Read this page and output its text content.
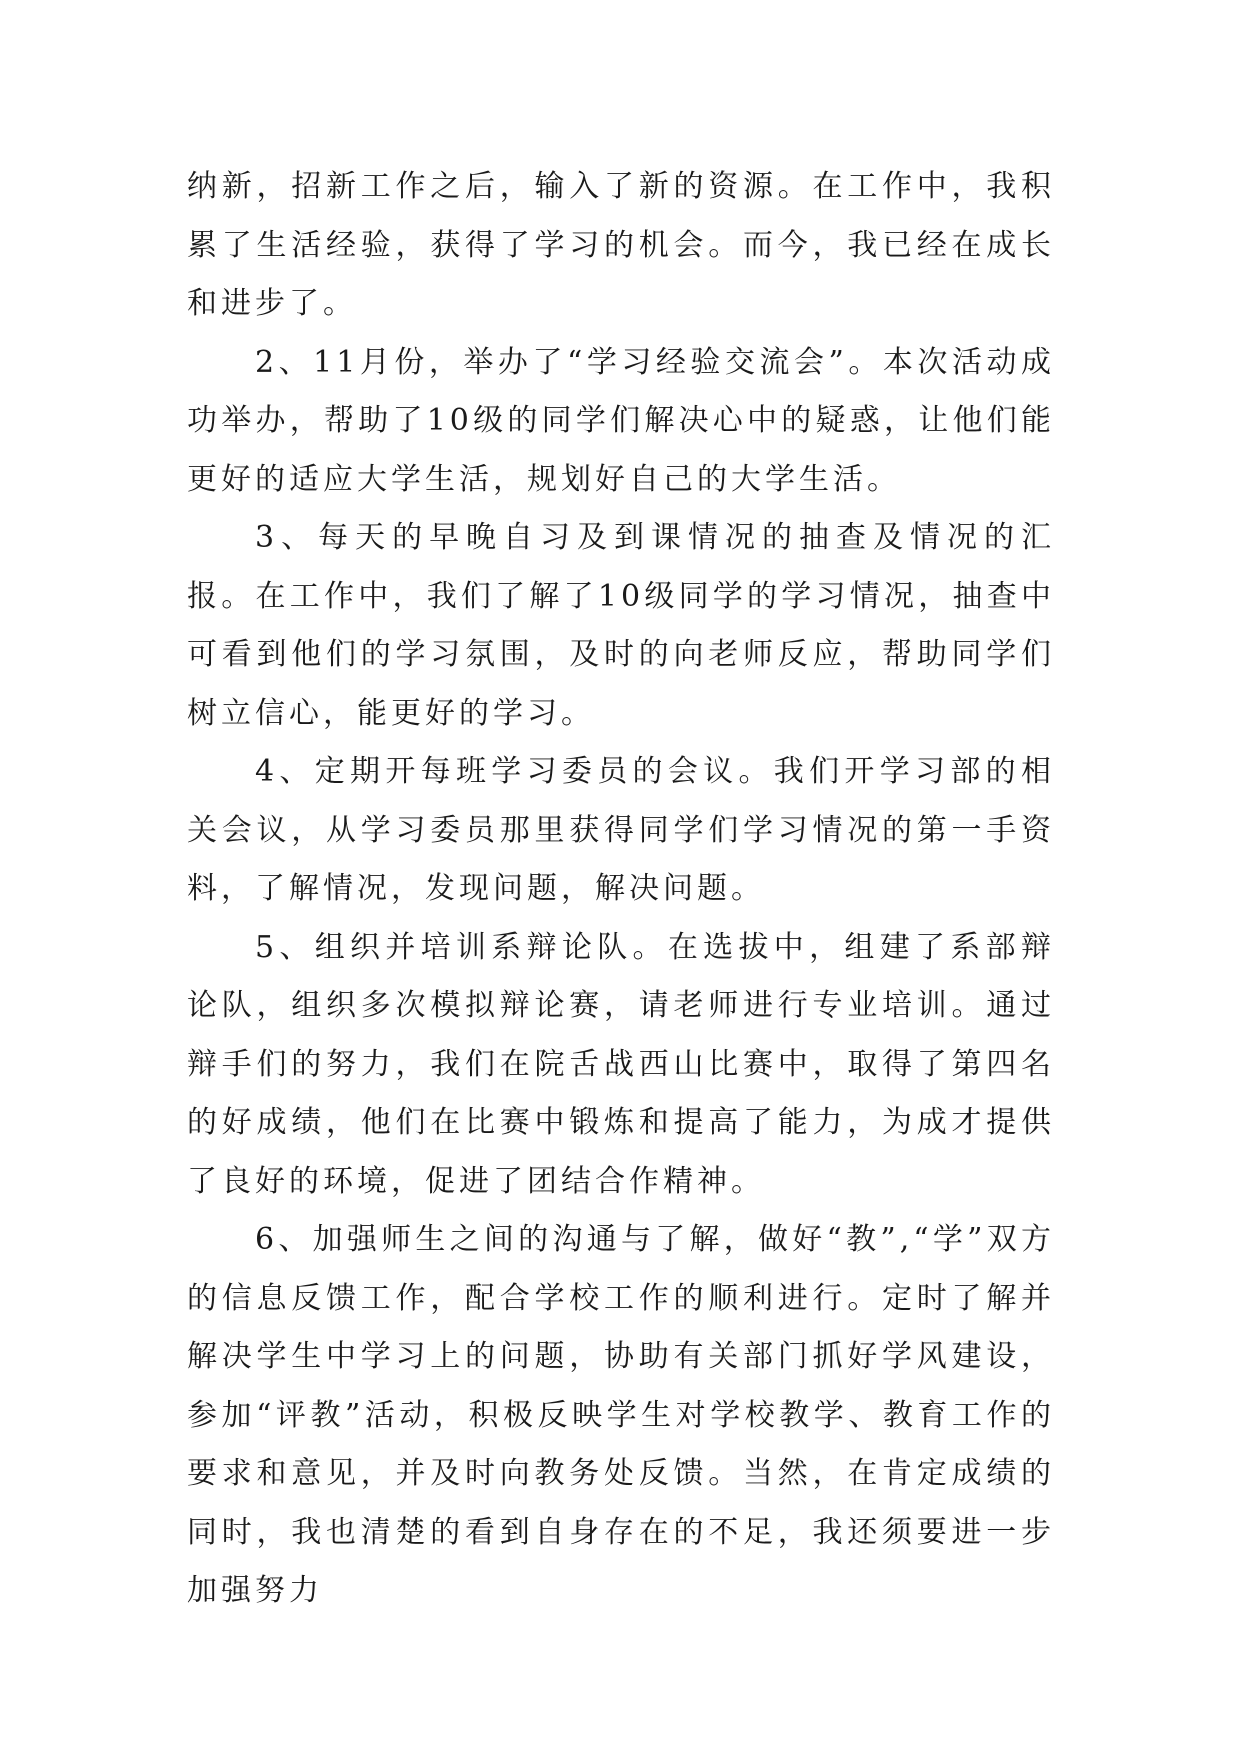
纳新，招新工作之后，输入了新的资源。在工作中，我积累了生活经验，获得了学习的机会。而今，我已经在成长和进步了。

2、11月份，举办了“学习经验交流会”。本次活动成功举办，帮助了10级的同学们解决心中的疑惑，让他们能更好的适应大学生活，规划好自己的大学生活。

3、每天的早晚自习及到课情况的抽查及情况的汇报。在工作中，我们了解了10级同学的学习情况，抽查中可看到他们的学习氛围，及时的向老师反应，帮助同学们树立信心，能更好的学习。

4、定期开每班学习委员的会议。我们开学习部的相关会议，从学习委员那里获得同学们学习情况的第一手资料，了解情况，发现问题，解决问题。

5、组织并培训系辩论队。在选拔中，组建了系部辩论队，组织多次模拟辩论赛，请老师进行专业培训。通过辩手们的努力，我们在院舌战西山比赛中，取得了第四名的好成绩，他们在比赛中锻炼和提高了能力，为成才提供了良好的环境，促进了团结合作精神。

6、加强师生之间的沟通与了解，做好“教”,“学”双方的信息反馈工作，配合学校工作的顺利进行。定时了解并解决学生中学习上的问题，协助有关部门抓好学风建设，参加“评教”活动，积极反映学生对学校教学、教育工作的要求和意见，并及时向教务处反馈。当然，在肯定成绩的同时，我也清楚的看到自身存在的不足，我还须要进一步加强努力
